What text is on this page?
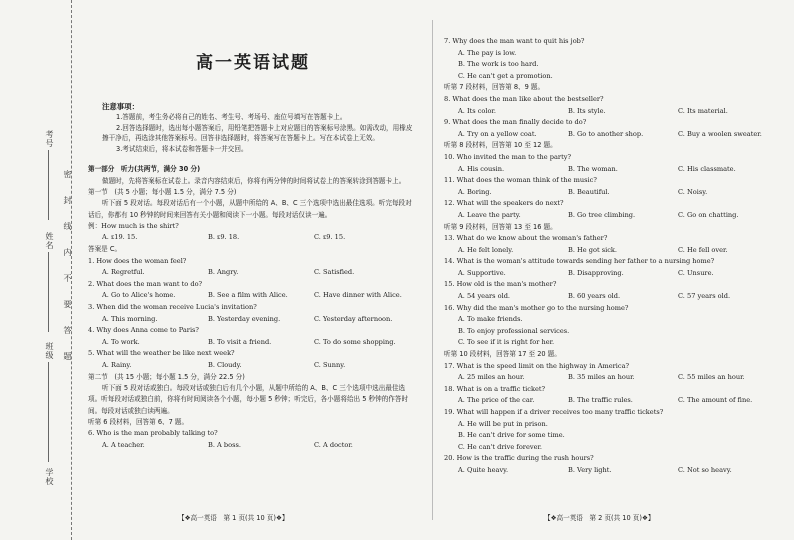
考号
姓名
班级
学校
密封线内不要答题
高一英语试题
注意事项：

1.答题前，考生务必将自己的姓名、考生号、考场号、座位号填写在答题卡上。

2.回答选择题时，选出每小题答案后，用铅笔把答题卡上对应题目的答案标号涂黑。如需改动，用橡皮擦干净后，再选涂其他答案标号。回答非选择题时，将答案写在答题卡上。写在本试卷上无效。

3.考试结束后，将本试卷和答题卡一并交回。

第一部分　听力(共两节，满分 30 分)
做题时，先将答案标在试卷上。录音内容结束后，你将有两分钟的时间将试卷上的答案转涂到答题卡上。
第一节　(共 5 小题；每小题 1.5 分，满分 7.5 分)
听下面 5 段对话。每段对话后有一个小题，从题中所给的 A、B、C 三个选项中选出最佳选项。听完每段对话后，你都有 10 秒钟的时间来回答有关小题和阅读下一小题。每段对话仅读一遍。
例：How much is the shirt?
A. ₤19. 15.	B. ₤9. 18.	C. ₤9. 15.
答案是 C。
1. How does the woman feel?
A. Regretful.	B. Angry.	C. Satisfied.
2. What does the man want to do?
A. Go to Alice's home.	B. See a film with Alice.	C. Have dinner with Alice.
3. When did the woman receive Lucia's invitation?
A. This morning.	B. Yesterday evening.	C. Yesterday afternoon.
4. Why does Anna come to Paris?
A. To work.	B. To visit a friend.	C. To do some shopping.
5. What will the weather be like next week?
A. Rainy.	B. Cloudy.	C. Sunny.
第二节　(共 15 小题；每小题 1.5 分，满分 22.5 分)
听下面 5 段对话或独白。每段对话或独白后有几个小题，从题中所给的 A、B、C 三个选项中选出最佳选项。听每段对话或独白前，你将有时间阅读各个小题，每小题 5 秒钟；听完后，各小题将给出 5 秒钟的作答时间。每段对话或独白读两遍。
听第 6 段材料，回答第 6、7 题。
6. Who is the man probably talking to?
A. A teacher.	B. A boss.	C. A doctor.
【❖高一英语　第 1 页(共 10 页)❖】
7. Why does the man want to quit his job?
A. The pay is low.
B. The work is too hard.
C. He can't get a promotion.
听第 7 段材料，回答第 8、9 题。
8. What does the man like about the bestseller?
A. Its color.	B. Its style.	C. Its material.
9. What does the man finally decide to do?
A. Try on a yellow coat.	B. Go to another shop.	C. Buy a woolen sweater.
听第 8 段材料，回答第 10 至 12 题。
10. Who invited the man to the party?
A. His cousin.	B. The woman.	C. His classmate.
11. What does the woman think of the music?
A. Boring.	B. Beautiful.	C. Noisy.
12. What will the speakers do next?
A. Leave the party.	B. Go tree climbing.	C. Go on chatting.
听第 9 段材料，回答第 13 至 16 题。
13. What do we know about the woman's father?
A. He felt lonely.	B. He got sick.	C. He fell over.
14. What is the woman's attitude towards sending her father to a nursing home?
A. Supportive.	B. Disapproving.	C. Unsure.
15. How old is the man's mother?
A. 54 years old.	B. 60 years old.	C. 57 years old.
16. Why did the man's mother go to the nursing home?
A. To make friends.
B. To enjoy professional services.
C. To see if it is right for her.
听第 10 段材料，回答第 17 至 20 题。
17. What is the speed limit on the highway in America?
A. 25 miles an hour.	B. 35 miles an hour.	C. 55 miles an hour.
18. What is on a traffic ticket?
A. The price of the car.	B. The traffic rules.	C. The amount of fine.
19. What will happen if a driver receives too many traffic tickets?
A. He will be put in prison.
B. He can't drive for some time.
C. He can't drive forever.
20. How is the traffic during the rush hours?
A. Quite heavy.	B. Very light.	C. Not so heavy.
【❖高一英语　第 2 页(共 10 页)❖】
